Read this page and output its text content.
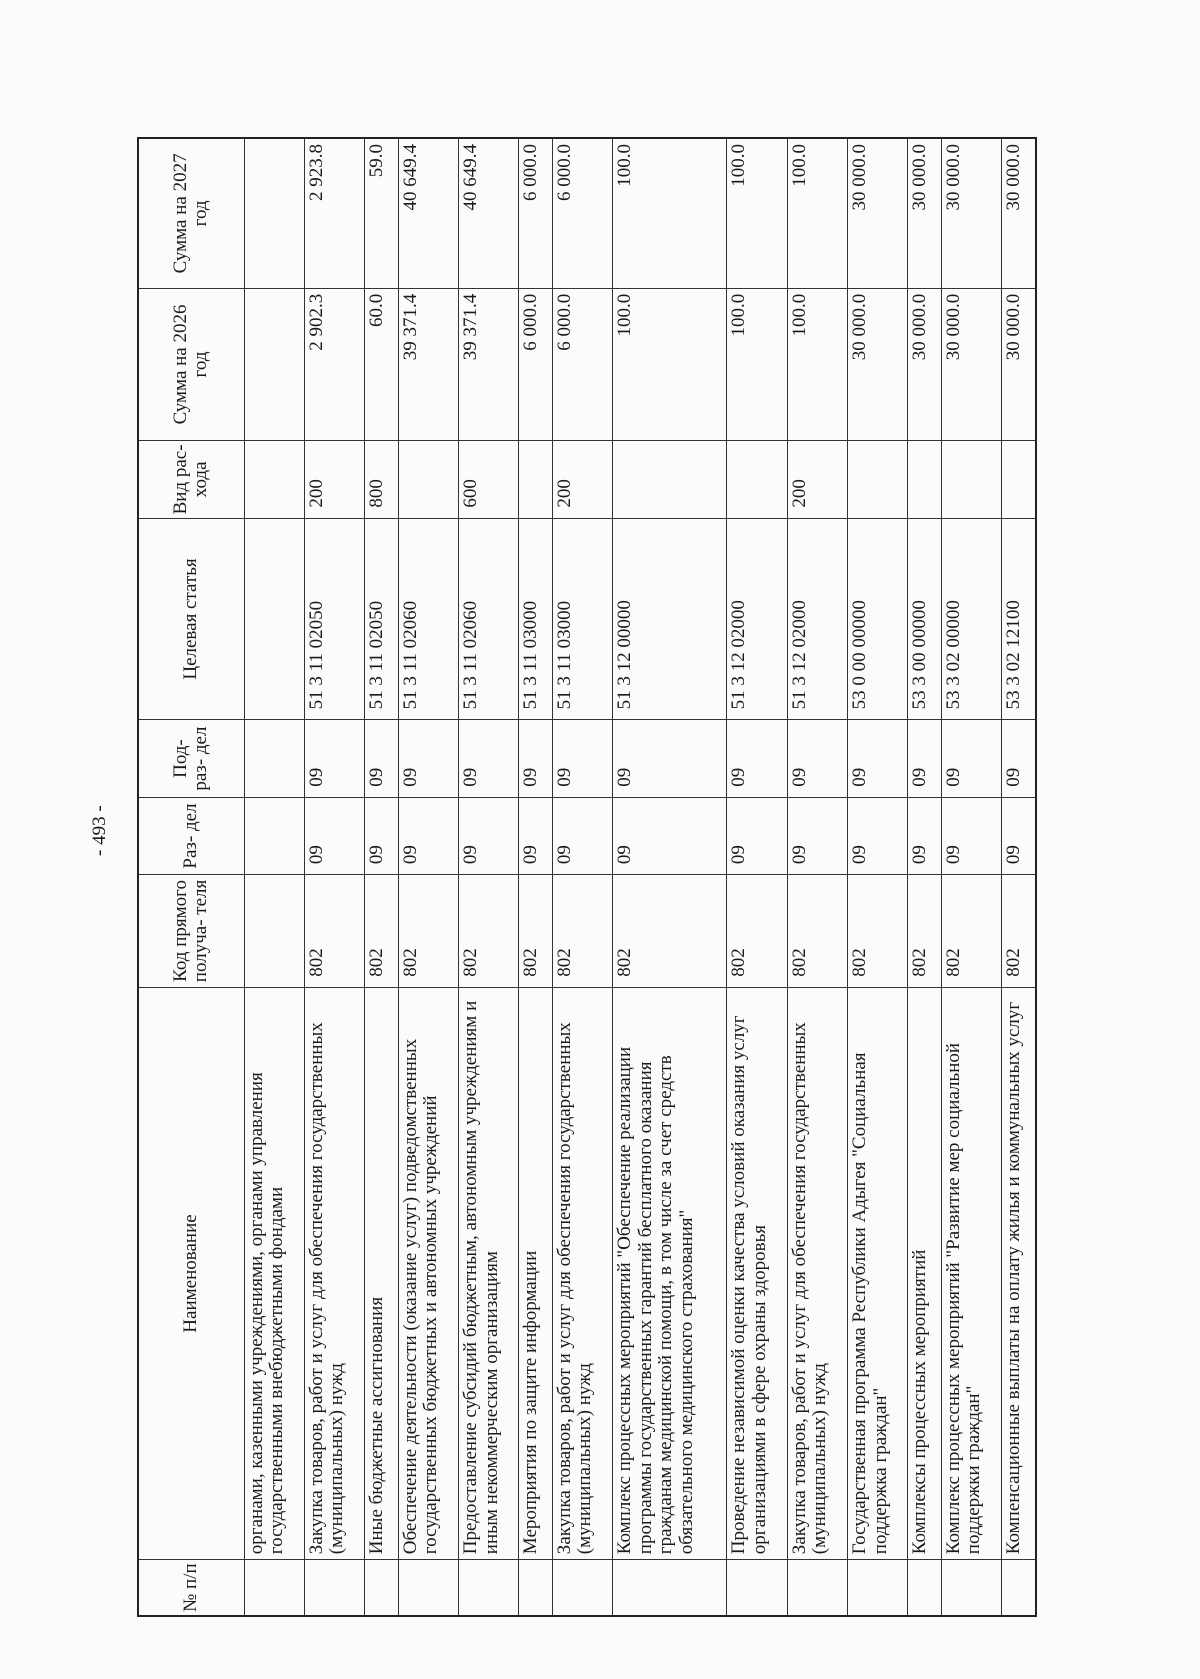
- 493 -
№ п/п	Наименование	Код прямого получа- теля	Раз- дел	Под- раз- дел	Целевая статья	Вид рас- хода	Сумма на 2026 год	Сумма на 2027 год
	органами, казенными учреждениями, органами управления государственными внебюджетными фондами							
	Закупка товаров, работ и услуг для обеспечения государственных (муниципальных) нужд	802	09	09	51 3 11 02050	200	2 902.3	2 923.8
	Иные бюджетные ассигнования	802	09	09	51 3 11 02050	800	60.0	59.0
	Обеспечение деятельности (оказание услуг) подведомственных государственных бюджетных и автономных учреждений	802	09	09	51 3 11 02060		39 371.4	40 649.4
	Предоставление субсидий бюджетным, автономным учреждениям и иным некоммерческим организациям	802	09	09	51 3 11 02060	600	39 371.4	40 649.4
	Мероприятия по защите информации	802	09	09	51 3 11 03000		6 000.0	6 000.0
	Закупка товаров, работ и услуг для обеспечения государственных (муниципальных) нужд	802	09	09	51 3 11 03000	200	6 000.0	6 000.0
	Комплекс процессных мероприятий "Обеспечение реализации программы государственных гарантий бесплатного оказания гражданам медицинской помощи, в том числе за счет средств обязательного медицинского страхования"	802	09	09	51 3 12 00000		100.0	100.0
	Проведение независимой оценки качества условий оказания услуг организациями в сфере охраны здоровья	802	09	09	51 3 12 02000		100.0	100.0
	Закупка товаров, работ и услуг для обеспечения государственных (муниципальных) нужд	802	09	09	51 3 12 02000	200	100.0	100.0
	Государственная программа Республики Адыгея "Социальная поддержка граждан"	802	09	09	53 0 00 00000		30 000.0	30 000.0
	Комплексы процессных мероприятий	802	09	09	53 3 00 00000		30 000.0	30 000.0
	Комплекс процессных мероприятий "Развитие мер социальной поддержки граждан"	802	09	09	53 3 02 00000		30 000.0	30 000.0
	Компенсационные выплаты на оплату жилья и коммунальных услуг	802	09	09	53 3 02 12100		30 000.0	30 000.0
